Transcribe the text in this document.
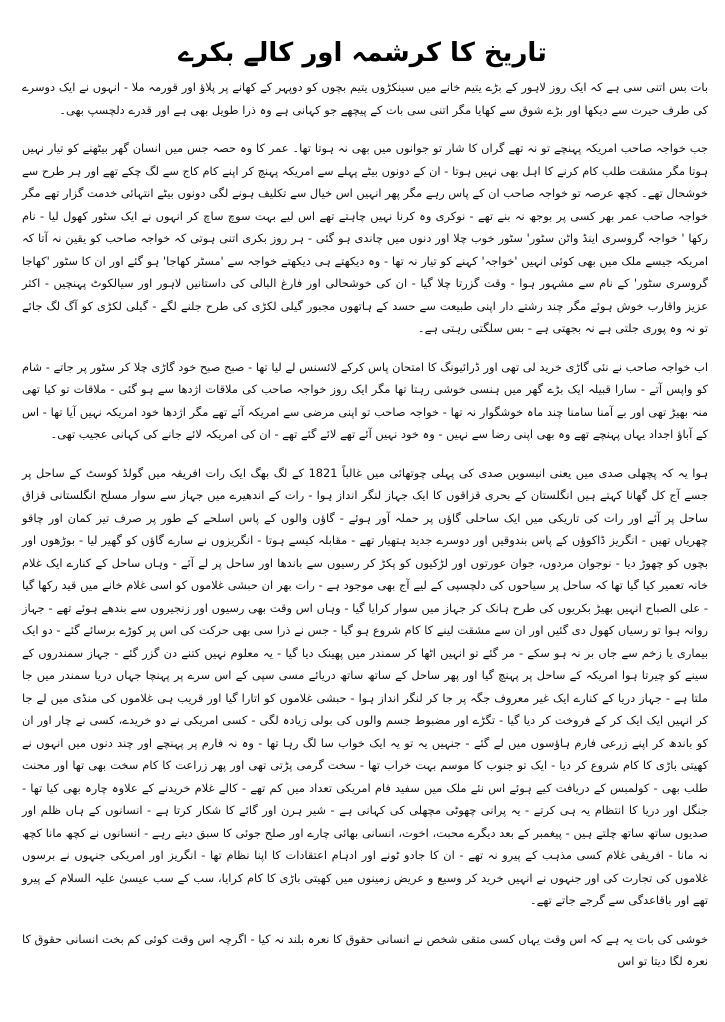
تاریخ کا کرشمہ اور کالے بکرے

بات بس اتنی سی ہے کہ ایک روز لاہور کے بڑے یتیم خانے میں سینکڑوں یتیم بچوں کو دوپہر کے کھانے پر پلاؤ اور قورمہ ملا - انہوں نے ایک دوسرے کی طرف حیرت سے دیکھا اور بڑے شوق سے کھایا مگر اتنی سی بات کے پیچھے جو کہانی ہے وہ ذرا طویل بھی ہے اور قدرے دلچسپ بھی۔

جب خواجہ صاحب امریکہ پہنچے تو نہ تھے گراں کا شار تو جوانوں میں بھی نہ ہوتا تھا۔ عمر کا وہ حصہ جس میں انسان گھر بیٹھنے کو تیار نہیں ہوتا مگر مشقت طلب کام کرنے کا اہل بھی نہیں ہوتا - ان کے دونوں بیٹے پہلے سے امریکہ پہنچ کر اپنے کام کاج سے لگ چکے تھے اور ہر طرح سے خوشحال تھے۔ کچھ عرصہ تو خواجہ صاحب ان کے پاس رہے مگر پھر انہیں اس خیال سے تکلیف ہونے لگی دونوں بیٹے انتہائی خدمت گزار تھے مگر خواجہ صاحب عمر بھر کسی پر بوجھ نہ بنے تھے - نوکری وہ کرنا نہیں چاہتے تھے اس لیے بہت سوچ ساچ کر انہوں نے ایک سٹور کھول لیا - نام رکھا ' خواجہ گروسری اینڈ واٹن سٹور' سٹور خوب چلا اور دنوں میں چاندی ہو گئی - ہر روز بکری اتنی ہوتی کہ خواجہ صاحب کو یقین نہ آتا کہ امریکہ جیسے ملک میں بھی کوئی انہیں 'خواجہ' کہنے کو تیار نہ تھا - وہ دیکھتے ہی دیکھتے خواجہ سے 'مسٹر کھاجا' ہو گئے اور ان کا سٹور 'کھاجا گروسری سٹور' کے نام سے مشہور ہوا - وقت گزرتا چلا گیا - ان کی خوشحالی اور فارغ البالی کی داستانیں لاہور اور سیالکوٹ پہنچیں - اکثر عزیز واقارب خوش ہوئے مگر چند رشتے دار اپنی طبیعت سے حسد کے ہاتھوں مجبور گیلی لکڑی کی طرح جلنے لگے - گیلی لکڑی کو آگ لگ جائے تو نہ وہ پوری جلتی ہے نہ بجھتی ہے - بس سلگتی رہتی ہے۔

اب خواجہ صاحب نے نئی گاڑی خرید لی تھی اور ڈرائیونگ کا امتحان پاس کرکے لائسنس لے لیا تھا - صبح صبح خود گاڑی چلا کر سٹور پر جاتے - شام کو واپس آتے - سارا قبیلہ ایک بڑے گھر میں ہنسی خوشی رہتا تھا مگر ایک روز خواجہ صاحب کی ملاقات اژدھا سے ہو گئی - ملاقات تو کیا تھی منہ بھیڑ تھی اور بے آمنا سامنا چند ماہ خوشگوار نہ تھا - خواجہ صاحب تو اپنی مرضی سے امریکہ آئے تھے مگر اژدھا خود امریکہ نہیں آیا تھا - اس کے آباؤ اجداد یہاں پہنچے تھے وہ بھی اپنی رضا سے نہیں - وہ خود نہیں آئے تھے لائے گئے تھے - ان کی امریکہ لائے جانے کی کہانی عجیب تھی۔

ہوا یہ کہ پچھلی صدی میں یعنی انیسویں صدی کی پہلی چوتھائی میں غالباً 1821 کے لگ بھگ ایک رات افریقہ میں گولڈ کوسٹ کے ساحل پر جسے آج کل گھانا کہتے ہیں انگلستان کے بحری قزاقوں کا ایک جہاز لنگر انداز ہوا - رات کے اندھیرے میں جہاز سے سوار مسلح انگلستانی قزاق ساحل پر آئے اور رات کی تاریکی میں ایک ساحلی گاؤں پر حملہ آور ہوئے - گاؤں والوں کے پاس اسلحے کے طور پر صرف تیر کمان اور چاقو چھریاں تھیں - انگریز ڈاکوؤں کے پاس بندوقیں اور دوسرے جدید ہتھیار تھے - مقابلہ کیسے ہوتا - انگریزوں نے سارے گاؤں کو گھیر لیا - بوڑھوں اور بچوں کو چھوڑ دیا - نوجوان مردوں، جوان عورتوں اور لڑکیوں کو پکڑ کر رسیوں سے باندھا اور ساحل پر لے آئے - وہاں ساحل کے کنارے ایک غلام خانہ تعمیر کیا گیا تھا کہ ساحل پر سیاحوں کی دلچسپی کے لیے آج بھی موجود ہے - رات بھر ان حبشی غلاموں کو اسی غلام خانے میں قید رکھا گیا - علی الصباح انہیں بھیڑ بکریوں کی طرح ہانک کر جہاز میں سوار کرایا گیا - وہاں اس وقت بھی رسیوں اور زنجیروں سے بندھے ہوئے تھے - جہاز روانہ ہوا تو رسیاں کھول دی گئیں اور ان سے مشقت لینے کا کام شروع ہو گیا - جس نے ذرا سی بھی حرکت کی اس پر کوڑے برسائے گئے - دو ایک بیماری یا زخم سے جاں بر نہ ہو سکے - مر گئے تو انہیں اٹھا کر سمندر میں پھینک دیا گیا - یہ معلوم نہیں کتنے دن گزر گئے - جہاز سمندروں کے سینے کو چیرتا ہوا امریکہ کے ساحل پر پہنچ گیا اور پھر ساحل کے ساتھ ساتھ دریائے مسی سپی کے اس سرے پر پہنچا جہاں دریا سمندر میں جا ملتا ہے - جہاز دریا کے کنارے ایک غیر معروف جگہ پر جا کر لنگر انداز ہوا - حبشی غلاموں کو اتارا گیا اور قریب ہی غلاموں کی منڈی میں لے جا کر انہیں ایک ایک کر کے فروخت کر دیا گیا - تگڑے اور مضبوط جسم والوں کی بولی زیادہ لگی - کسی امریکی نے دو خریدے، کسی نے چار اور ان کو باندھ کر اپنے زرعی فارم ہاؤسوں میں لے گئے - جنہیں یہ تو یہ ایک خواب سا لگ رہا تھا - وہ نہ فارم پر پہنچے اور چند دنوں میں انہوں نے کھیتی باڑی کا کام شروع کر دیا - ایک تو جنوب کا موسم بہت خراب تھا - سخت گرمی پڑتی تھی اور پھر زراعت کا کام سخت بھی تھا اور محنت طلب بھی - کولمبس کے دریافت کیے ہوئے اس نئے ملک میں سفید فام امریکی تعداد میں کم تھے - کالے غلام خریدنے کے علاوہ چارہ بھی کیا تھا - جنگل اور دریا کا انتظام یہ ہی کرتے - یہ پرانی چھوٹی مچھلی کی کہانی ہے - شیر ہرن اور گائے کا شکار کرتا ہے - انسانوں کے ہاں ظلم اور صدیوں ساتھ ساتھ چلتے ہیں - پیغمبر کے بعد دیگرے محبت، اخوت، انسانی بھائی چارے اور صلح جوئی کا سبق دیتے رہے - انسانوں نے کچھ مانا کچھ نہ مانا - افریقی غلام کسی مذہب کے پیرو نہ تھے - ان کا جادو ٹونے اور ادہام اعتقادات کا اپنا نظام تھا - انگریز اور امریکی جنہوں نے برسوں غلاموں کی تجارت کی اور جنہوں نے انہیں خرید کر وسیع و عریض زمینوں میں کھیتی باڑی کا کام کرایا، سب کے سب عیسیٰ علیہ السلام کے پیرو تھے اور باقاعدگی سے گرجے جاتے تھے۔

خوشی کی بات یہ ہے کہ اس وقت یہاں کسی متقی شخص نے انسانی حقوق کا نعرہ بلند نہ کیا - اگرچہ اس وقت کوئی کم بخت انسانی حقوق کا نعرہ لگا دیتا تو اس
